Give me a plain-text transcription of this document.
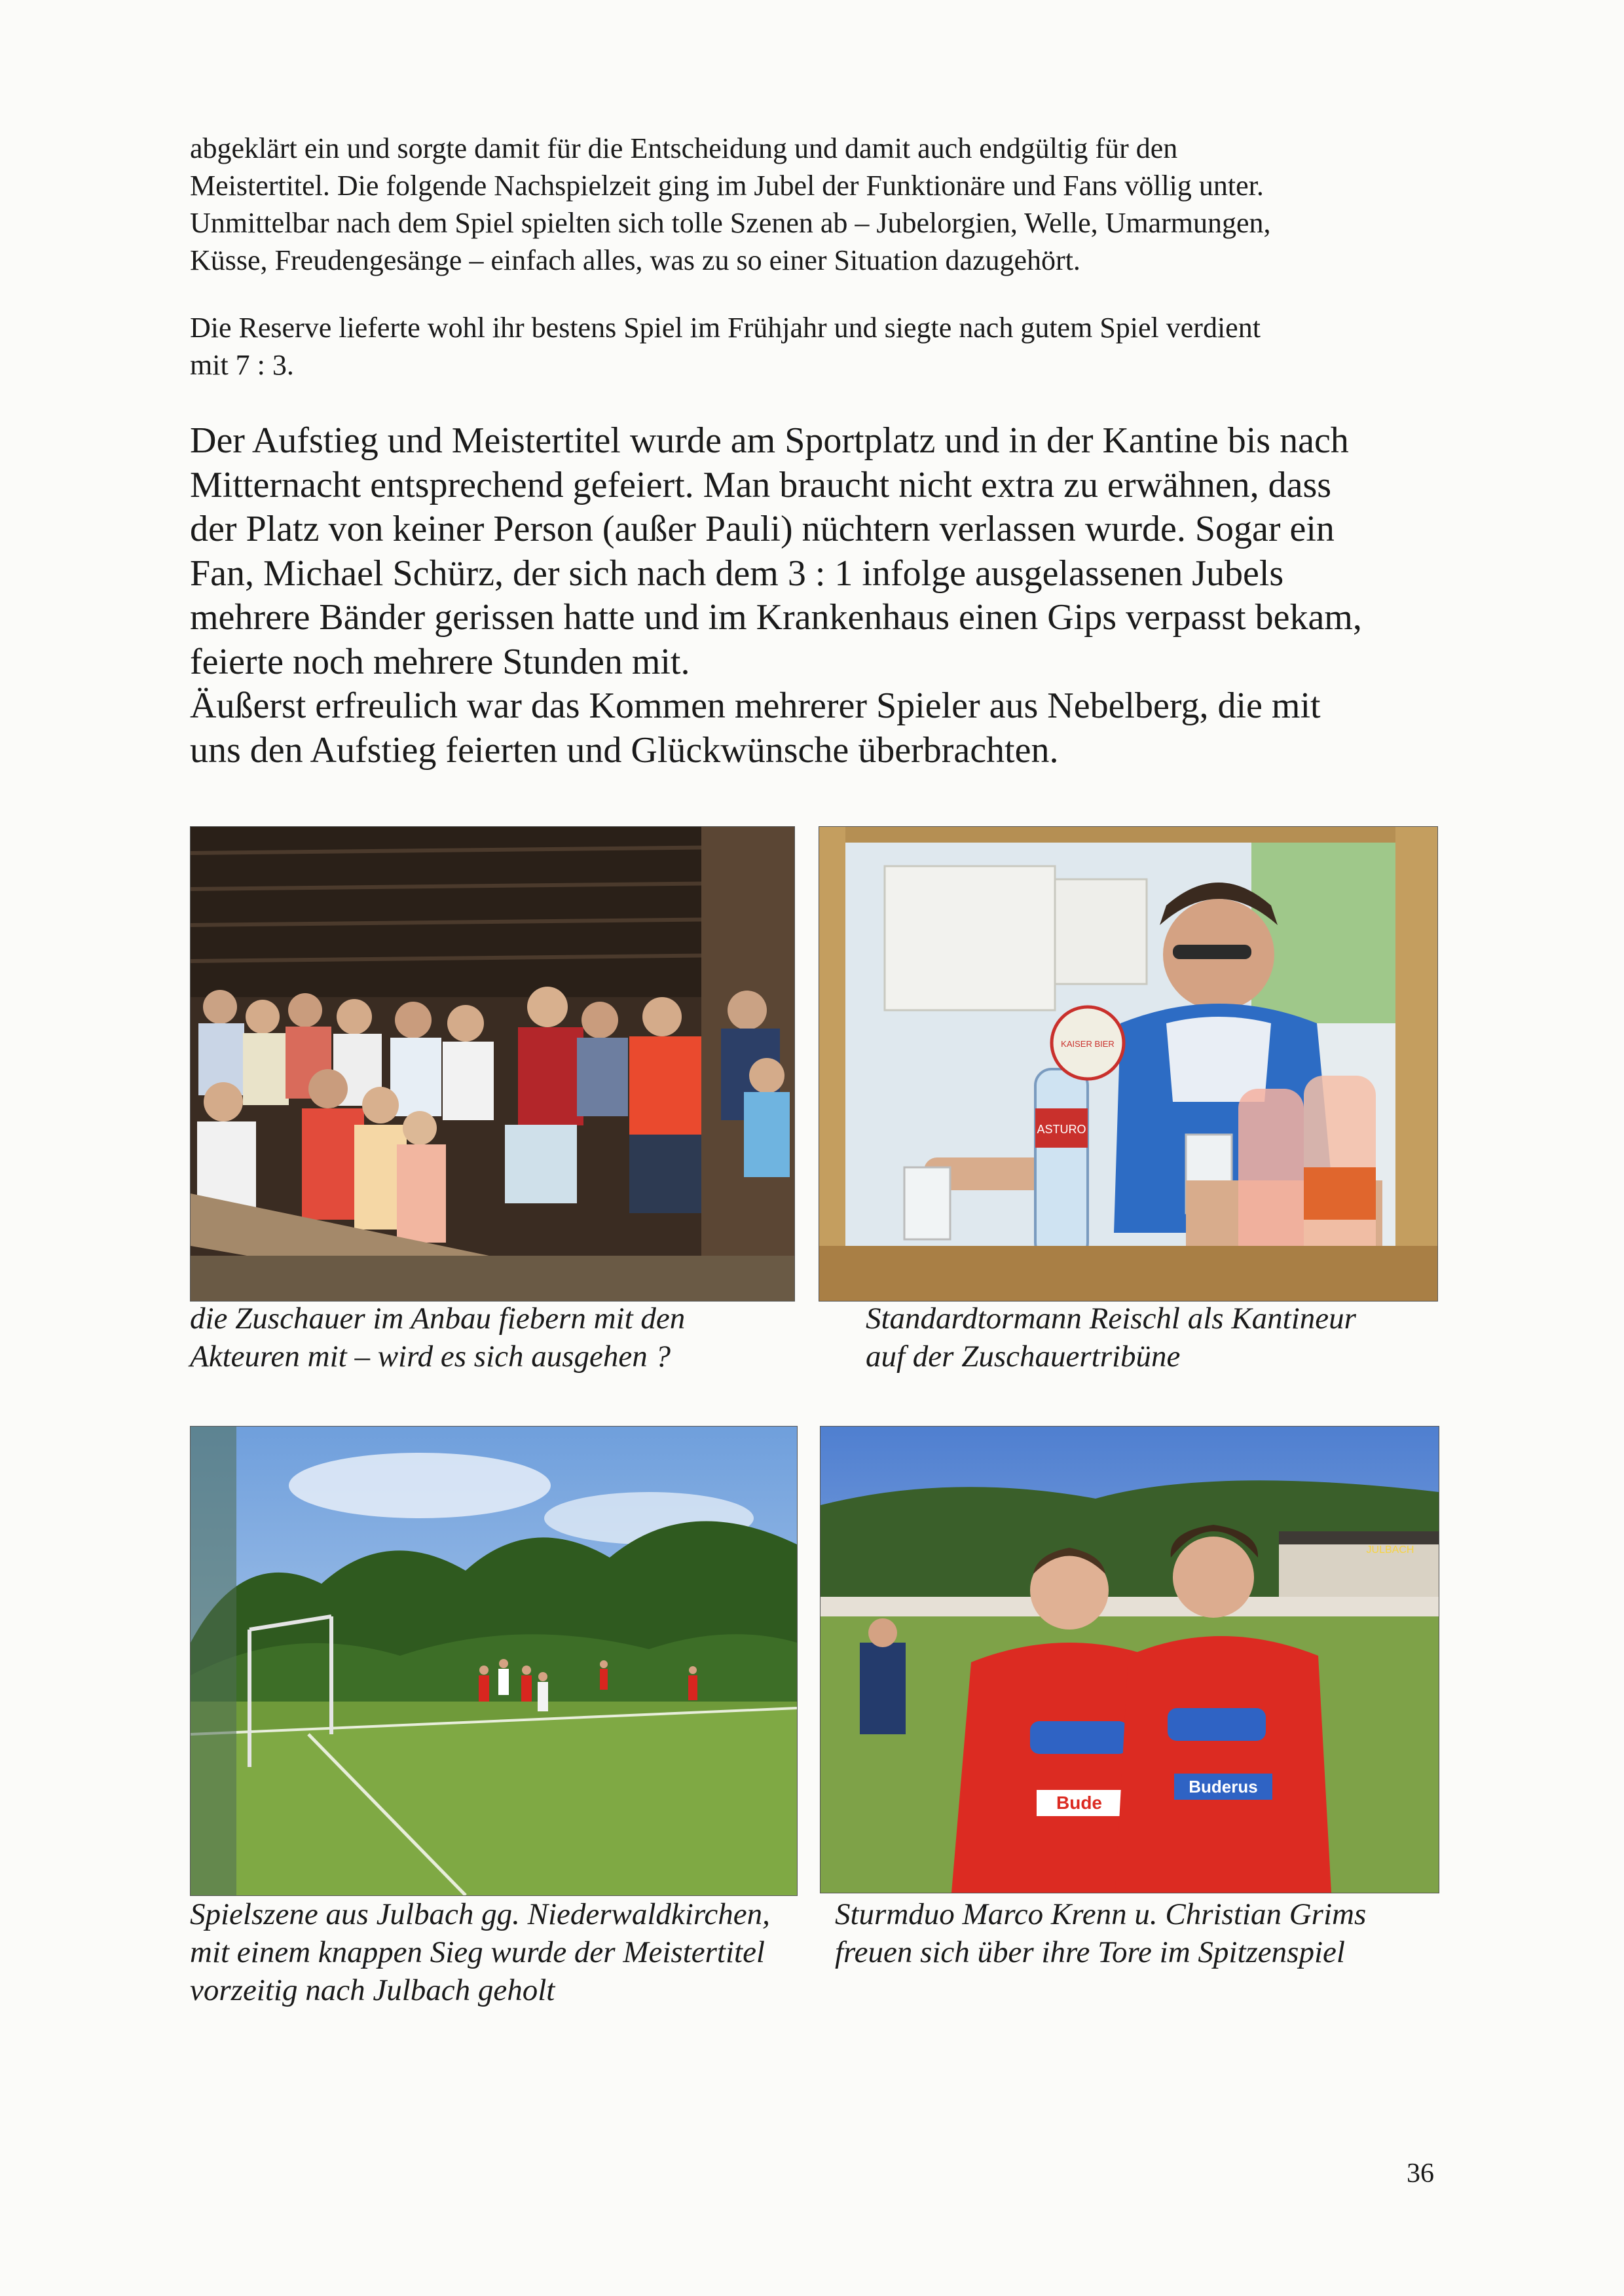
abgeklärt ein und sorgte damit für die Entscheidung und damit auch endgültig für den

Meistertitel. Die folgende Nachspielzeit ging im Jubel der Funktionäre und Fans völlig unter.

Unmittelbar nach dem Spiel spielten sich tolle Szenen ab – Jubelorgien, Welle, Umarmungen,

Küsse, Freudengesänge – einfach alles, was zu so einer Situation dazugehört.

Die Reserve lieferte wohl ihr bestens Spiel im Frühjahr und siegte nach gutem Spiel verdient

mit 7 : 3.

Der Aufstieg und Meistertitel wurde am Sportplatz und in der Kantine bis nach

Mitternacht entsprechend gefeiert. Man braucht nicht extra zu erwähnen, dass

der Platz von keiner Person (außer Pauli) nüchtern verlassen wurde. Sogar ein

Fan, Michael Schürz, der sich nach dem 3 : 1 infolge ausgelassenen Jubels

mehrere Bänder gerissen hatte und im Krankenhaus einen Gips verpasst bekam,

feierte noch mehrere Stunden mit.

Äußerst erfreulich war das Kommen mehrerer Spieler aus Nebelberg, die mit

uns den Aufstieg feierten und Glückwünsche überbrachten.

ASTURO
KAISER BIER
JULBACH
Bude
Buderus
die Zuschauer im Anbau fiebern mit den
Akteuren mit – wird es sich ausgehen ?
Standardtormann Reischl als Kantineur
auf der Zuschauertribüne
Spielszene aus Julbach gg. Niederwaldkirchen,
mit einem knappen Sieg wurde der Meistertitel
vorzeitig nach Julbach geholt
Sturmduo Marco Krenn u. Christian Grims
freuen sich über ihre Tore im Spitzenspiel
36
